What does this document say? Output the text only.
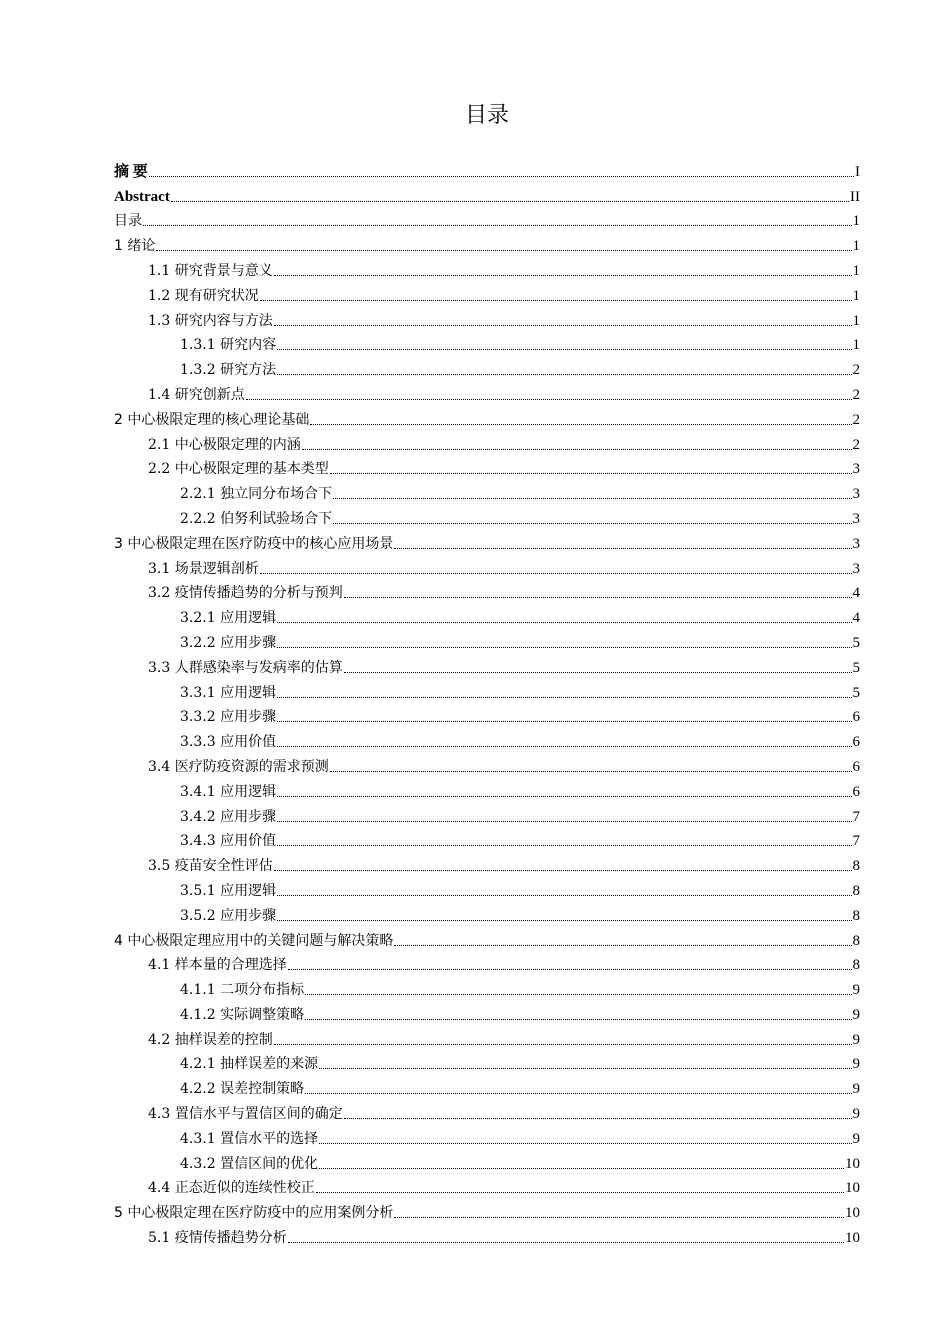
目录
摘 要	I
Abstract	II
目录	1
1 绪论	1
1.1 研究背景与意义	1
1.2 现有研究状况	1
1.3 研究内容与方法	1
1.3.1 研究内容	1
1.3.2 研究方法	2
1.4 研究创新点	2
2 中心极限定理的核心理论基础	2
2.1 中心极限定理的内涵	2
2.2 中心极限定理的基本类型	3
2.2.1 独立同分布场合下	3
2.2.2 伯努利试验场合下	3
3 中心极限定理在医疗防疫中的核心应用场景	3
3.1 场景逻辑剖析	3
3.2 疫情传播趋势的分析与预判	4
3.2.1 应用逻辑	4
3.2.2 应用步骤	5
3.3 人群感染率与发病率的估算	5
3.3.1 应用逻辑	5
3.3.2 应用步骤	6
3.3.3 应用价值	6
3.4 医疗防疫资源的需求预测	6
3.4.1 应用逻辑	6
3.4.2 应用步骤	7
3.4.3 应用价值	7
3.5 疫苗安全性评估	8
3.5.1 应用逻辑	8
3.5.2 应用步骤	8
4 中心极限定理应用中的关键问题与解决策略	8
4.1 样本量的合理选择	8
4.1.1 二项分布指标	9
4.1.2 实际调整策略	9
4.2 抽样误差的控制	9
4.2.1 抽样误差的来源	9
4.2.2 误差控制策略	9
4.3 置信水平与置信区间的确定	9
4.3.1 置信水平的选择	9
4.3.2 置信区间的优化	10
4.4 正态近似的连续性校正	10
5 中心极限定理在医疗防疫中的应用案例分析	10
5.1 疫情传播趋势分析	10
